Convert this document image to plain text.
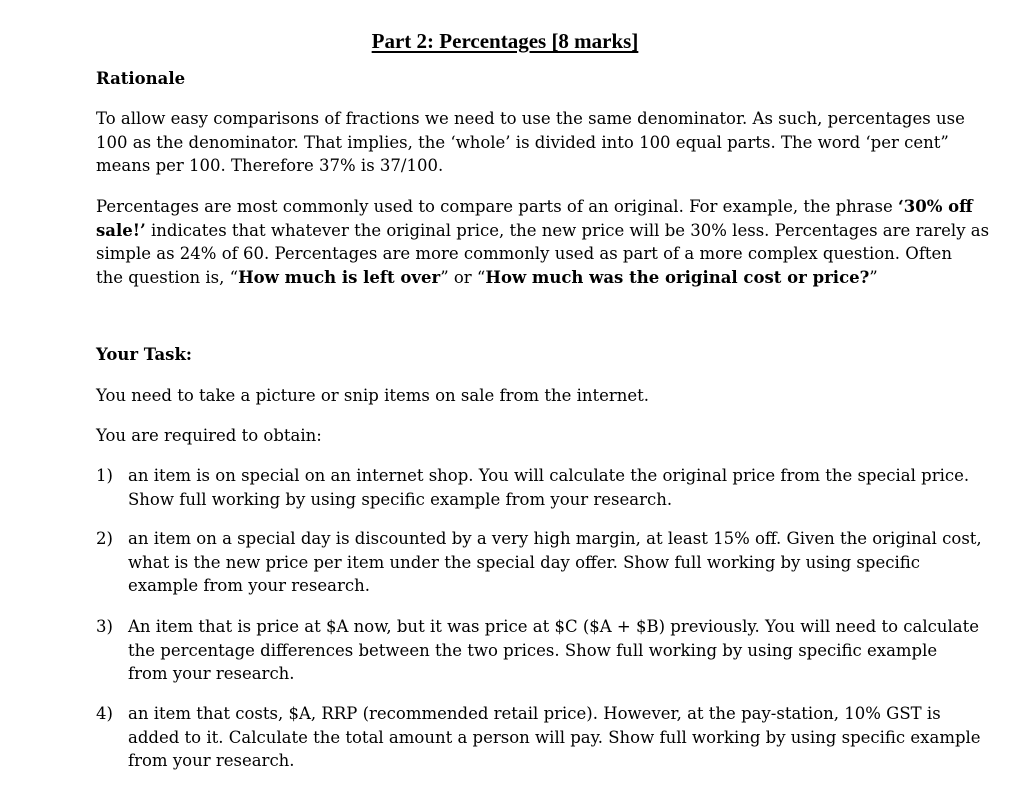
Part 2: Percentages [8 marks]
Rationale
To allow easy comparisons of fractions we need to use the same denominator. As such, percentages use
100 as the denominator. That implies, the ‘whole’ is divided into 100 equal parts. The word ‘per cent”
means per 100. Therefore 37% is 37/100.
Percentages are most commonly used to compare parts of an original. For example, the phrase ‘30% off
sale!’ indicates that whatever the original price, the new price will be 30% less. Percentages are rarely as
simple as 24% of 60. Percentages are more commonly used as part of a more complex question. Often
the question is, “How much is left over” or “How much was the original cost or price?”
Your Task:
You need to take a picture or snip items on sale from the internet.
You are required to obtain:
1) an item is on special on an internet shop. You will calculate the original price from the special price.
Show full working by using specific example from your research.
2) an item on a special day is discounted by a very high margin, at least 15% off. Given the original cost,
what is the new price per item under the special day offer. Show full working by using specific
example from your research.
3) An item that is price at $A now, but it was price at $C ($A + $B) previously. You will need to calculate
the percentage differences between the two prices. Show full working by using specific example
from your research.
4) an item that costs, $A, RRP (recommended retail price). However, at the pay-station, 10% GST is
added to it. Calculate the total amount a person will pay. Show full working by using specific example
from your research.
